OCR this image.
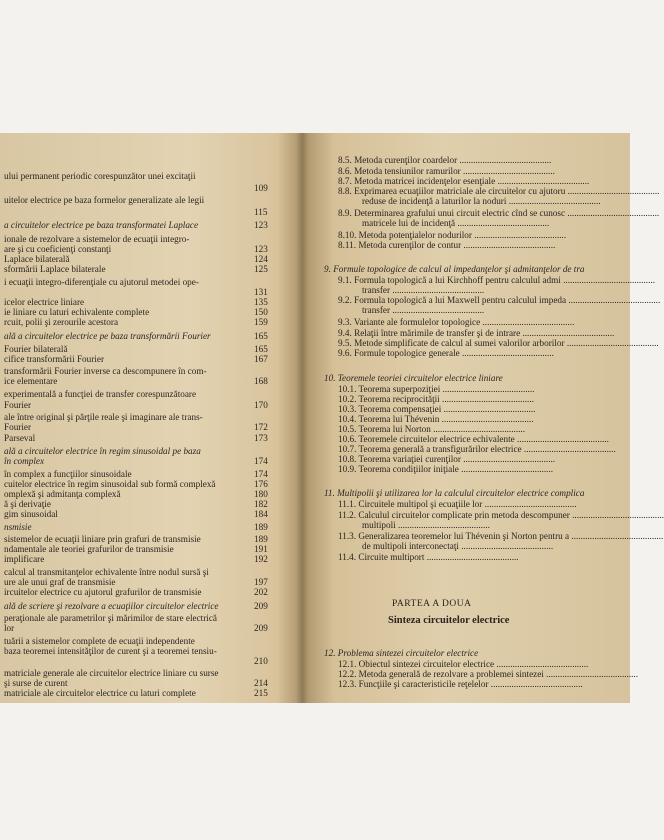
ului permanent periodic corespunzător unei excitaţii
109
uitelor electrice pe baza formelor generalizate ale legii
115
a circuitelor electrice pe baza transformatei Laplace	123
ionale de rezolvare a sistemelor de ecuaţii integro-
are şi cu coeficienţi constanţi	123
Laplace bilaterală	124
sformării Laplace bilaterale	125
i ecuaţii integro-diferenţiale cu ajutorul metodei ope-
131
icelor electrice liniare	135
ie liniare cu laturi echivalente complete	150
rcuit, polii şi zerourile acestora	159
ală a circuitelor electrice pe baza transformării Fourier	165
Fourier bilaterală	165
cifice transformării Fourier	167
transformării Fourier inverse ca descompunere în com-
ice elementare	168
experimentală a funcţiei de transfer corespunzătoare
Fourier	170
ale între original şi părţile reale şi imaginare ale trans-
Fourier	172
Parseval	173
ală a circuitelor electrice în regim sinusoidal pe baza
în complex	174
în complex a funcţiilor sinusoidale	174
cuitelor electrice în regim sinusoidal sub formă complexă	176
omplexă şi admitanţa complexă	180
ă şi derivaţie	182
gim sinusoidal	184
nsmisie	189
sistemelor de ecuaţii liniare prin grafuri de transmisie	189
ndamentale ale teoriei grafurilor de transmisie	191
implificare	192
calcul al transmitanţelor echivalente între nodul sursă şi
ure ale unui graf de transmisie	197
ircuitelor electrice cu ajutorul grafurilor de transmisie	202
ală de scriere şi rezolvare a ecuaţiilor circuitelor electrice	209
peraţionale ale parametrilor şi mărimilor de stare electrică
lor	209
tuării a sistemelor complete de ecuaţii independente
baza teoremei intensităţilor de curent şi a teoremei tensiu-
210
matriciale generale ale circuitelor electrice liniare cu surse
şi surse de curent	214
matriciale ale circuitelor electrice cu laturi complete	215
8.5. Metoda curenţilor coardelor ........................................
8.6. Metoda tensiunilor ramurilor ........................................
8.7. Metoda matricei incidenţelor esenţiale ........................................
8.8. Exprimarea ecuaţiilor matriciale ale circuitelor cu ajutoru ........................................
reduse de incidenţă a laturilor la noduri ........................................
8.9. Determinarea grafului unui circuit electric cînd se cunosc ........................................
matricele lui de incidenţă ........................................
8.10. Metoda potenţialelor nodurilor ........................................
8.11. Metoda curenţilor de contur ........................................
9. Formule topologice de calcul al impedanţelor şi admitanţelor de tra
9.1. Formula topologică a lui Kirchhoff pentru calculul admi ........................................
transfer ........................................
9.2. Formula topologică a lui Maxwell pentru calculul impeda ........................................
transfer ........................................
9.3. Variante ale formulelor topologice ........................................
9.4. Relaţii între mărimile de transfer şi de intrare ........................................
9.5. Metode simplificate de calcul al sumei valorilor arborilor ........................................
9.6. Formule topologice generale ........................................
10. Teoremele teoriei circuitelor electrice liniare
10.1. Teorema superpoziţiei ........................................
10.2. Teorema reciprocităţii ........................................
10.3. Teorema compensaţiei ........................................
10.4. Teorema lui Thévenin ........................................
10.5. Teorema lui Norton ........................................
10.6. Teoremele circuitelor electrice echivalente ........................................
10.7. Teorema generală a transfigurărilor electrice ........................................
10.8. Teorema variaţiei curenţilor ........................................
10.9. Teorema condiţiilor iniţiale ........................................
11. Multipolii şi utilizarea lor la calculul circuitelor electrice complica
11.1. Circuitele multipol şi ecuaţiile lor ........................................
11.2. Calculul circuitelor complicate prin metoda descompuner ........................................
multipoli ........................................
11.3. Generalizarea teoremelor lui Thévenin şi Norton pentru a ........................................
de multipoli interconectaţi ........................................
11.4. Circuite multiport ........................................
PARTEA A DOUA
Sinteza circuitelor electrice
12. Problema sintezei circuitelor electrice
12.1. Obiectul sintezei circuitelor electrice ........................................
12.2. Metoda generală de rezolvare a problemei sintezei ........................................
12.3. Funcţiile şi caracteristicile reţelelor ........................................
